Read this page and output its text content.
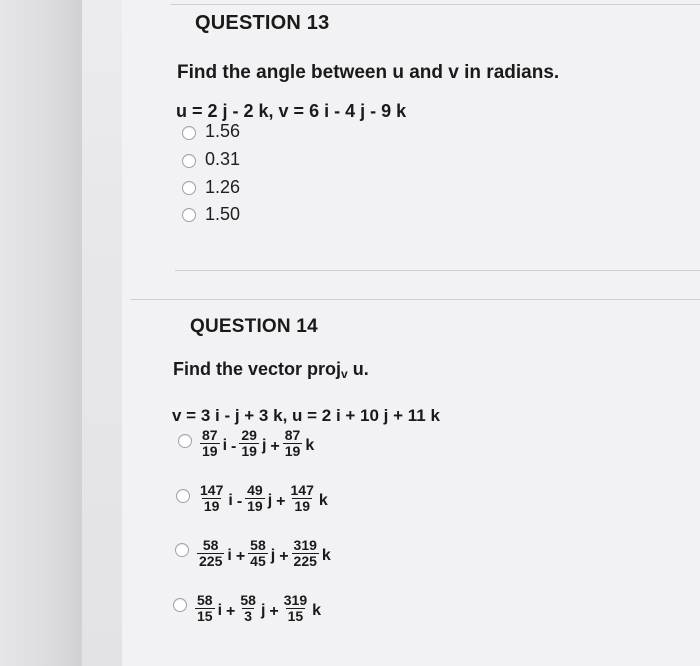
QUESTION 13
Find the angle between u and v in radians.
u = 2 j - 2 k, v = 6 i - 4 j - 9 k
1.56
0.31
1.26
1.50
QUESTION 14
Find the vector proj$_v$ u.
v = 3 i - j + 3 k, u = 2 i + 10 j + 11 k
$\frac{87}{19}$ i - $\frac{29}{19}$ $j + \frac{87}{19}$ k
$\frac{147}{19}$ i - $\frac{49}{19}$ $j + \frac{147}{19}$ k
$\frac{58}{225}$ $i + \frac{58}{45}$ $j + \frac{319}{225}$ k
$\frac{58}{15}$ $i + \frac{58}{3}$ $j + \frac{319}{15}$ k
